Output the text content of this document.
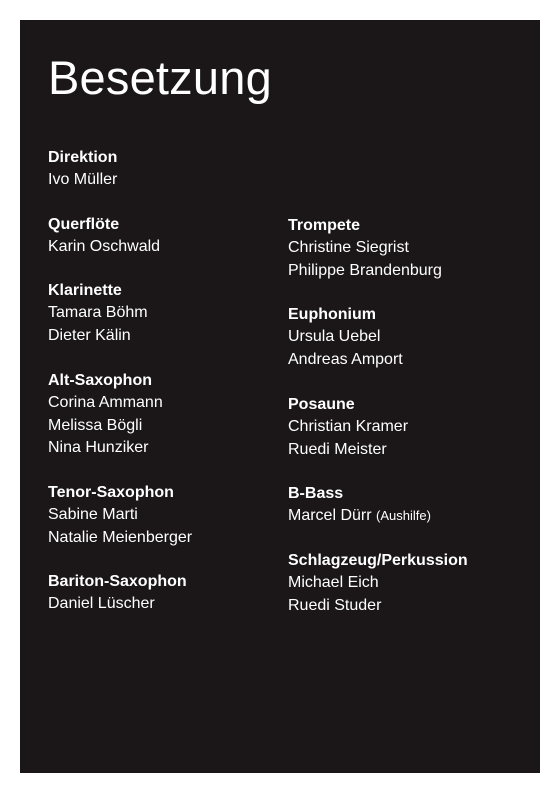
Besetzung
Direktion
Ivo Müller
Querflöte
Karin Oschwald
Klarinette
Tamara Böhm
Dieter Kälin
Alt-Saxophon
Corina Ammann
Melissa Bögli
Nina Hunziker
Tenor-Saxophon
Sabine Marti
Natalie Meienberger
Bariton-Saxophon
Daniel Lüscher
Trompete
Christine Siegrist
Philippe Brandenburg
Euphonium
Ursula Uebel
Andreas Amport
Posaune
Christian Kramer
Ruedi Meister
B-Bass
Marcel Dürr (Aushilfe)
Schlagzeug/Perkussion
Michael Eich
Ruedi Studer
